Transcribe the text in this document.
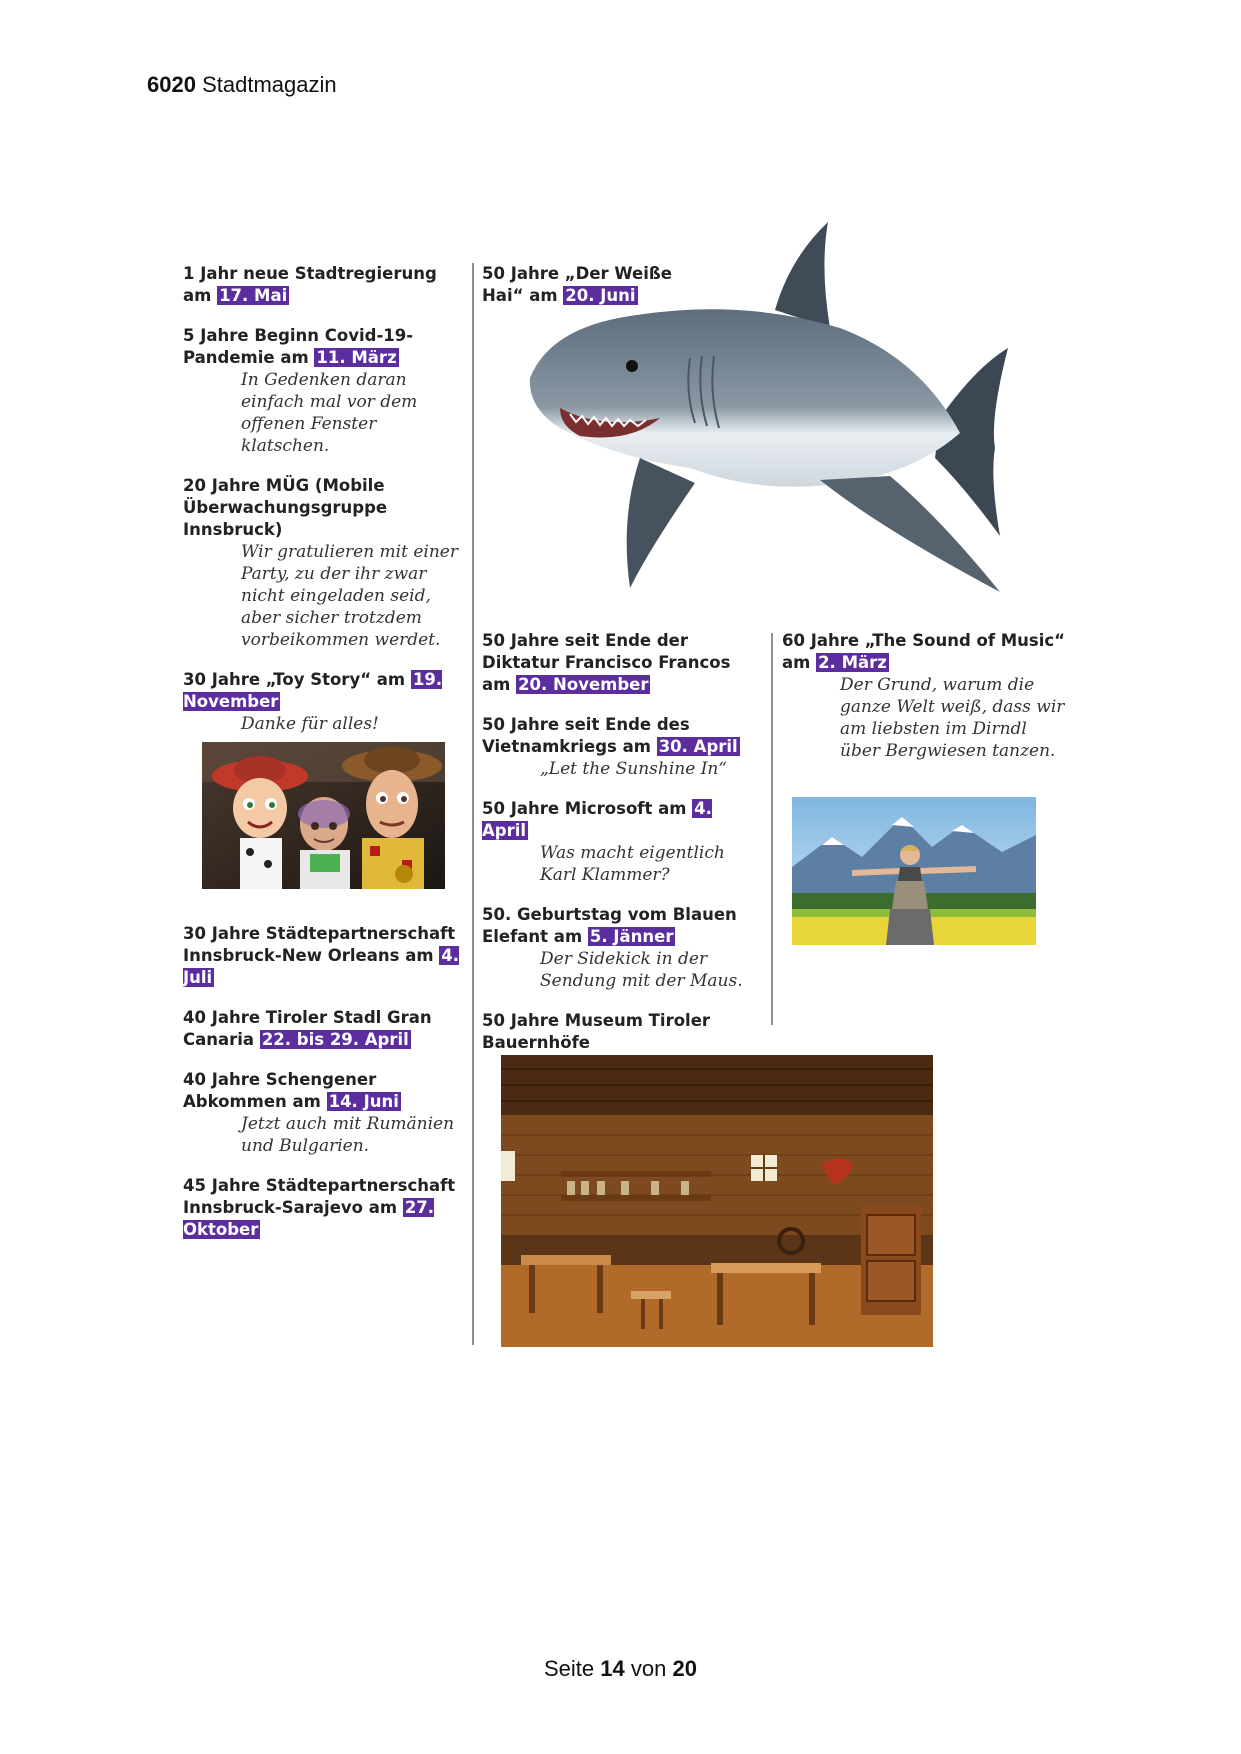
6020 Stadtmagazin
1 Jahr neue Stadtregierung am 17. Mai
5 Jahre Beginn Covid-19-Pandemie am 11. März
In Gedenken daran einfach mal vor dem offenen Fenster klatschen.
20 Jahre MÜG (Mobile Überwachungsgruppe Innsbruck)
Wir gratulieren mit einer Party, zu der ihr zwar nicht eingeladen seid, aber sicher trotzdem vorbeikommen werdet.
30 Jahre „Toy Story“ am 19. November
Danke für alles!
30 Jahre Städtepartnerschaft Innsbruck-New Orleans am 4. Juli
40 Jahre Tiroler Stadl Gran Canaria 22. bis 29. April
40 Jahre Schengener Abkommen am 14. Juni
Jetzt auch mit Rumänien und Bulgarien.
45 Jahre Städtepartnerschaft Innsbruck-Sarajevo am 27. Oktober
50 Jahre „Der Weiße Hai“ am 20. Juni
50 Jahre seit Ende der Diktatur Francisco Francos am 20. November
50 Jahre seit Ende des Vietnamkriegs am 30. April
„Let the Sunshine In“
50 Jahre Microsoft am 4. April
Was macht eigentlich Karl Klammer?
50. Geburtstag vom Blauen Elefant am 5. Jänner
Der Sidekick in der Sendung mit der Maus.
50 Jahre Museum Tiroler Bauernhöfe
60 Jahre „The Sound of Music“ am 2. März
Der Grund, warum die ganze Welt weiß, dass wir am liebsten im Dirndl über Bergwiesen tanzen.
Seite 14 von 20
